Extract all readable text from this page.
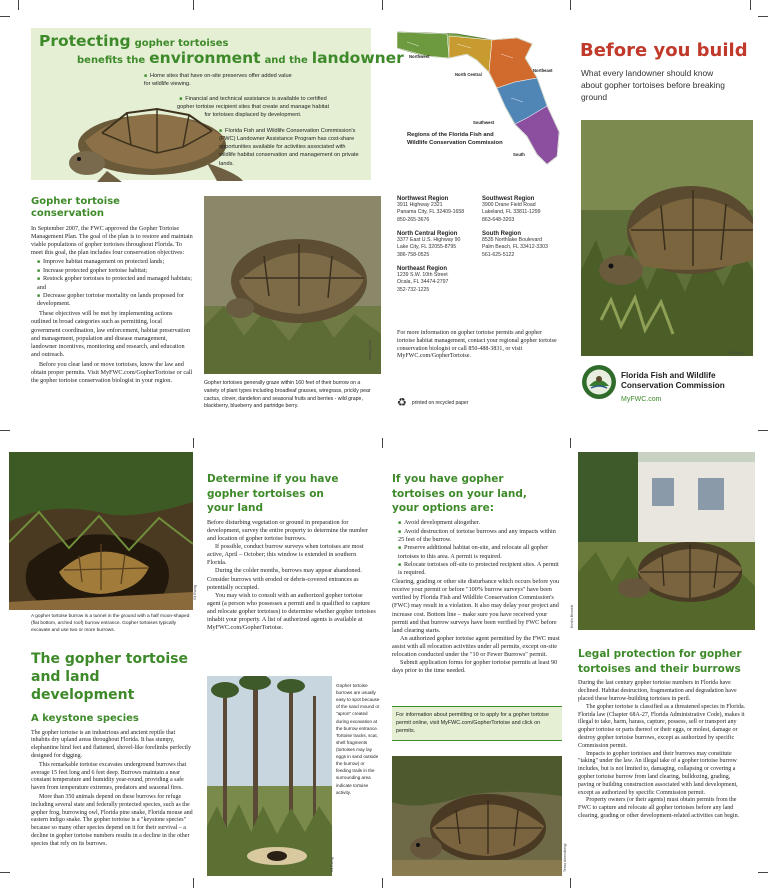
Protecting gopher tortoises
benefits the environment and the landowner
■ Home sites that have on-site preserves offer added value for wildlife viewing.
■ Financial and technical assistance is available to certified gopher tortoise recipient sites that create and manage habitat for tortoises displaced by development.
■ Florida Fish and Wildlife Conservation Commission's (FWC) Landowner Assistance Program has cost-share opportunities available for activities associated with wildlife habitat conservation and management on private lands.
Gopher tortoise conservation
In September 2007, the FWC approved the Gopher Tortoise Management Plan. The goal of the plan is to restore and maintain viable populations of gopher tortoises throughout Florida. To meet this goal, the plan includes four conservation objectives:
■ Improve habitat management on protected lands;
■ Increase protected gopher tortoise habitat;
■ Restock gopher tortoises to protected and managed habitats; and
■ Decrease gopher tortoise mortality on lands proposed for development.
These objectives will be met by implementing actions outlined in broad categories such as permitting, local government coordination, law enforcement, habitat preservation and management, population and disease management, landowner incentives, monitoring and research, and education and outreach.
Before you clear land or move tortoises, know the law and obtain proper permits. Visit MyFWC.com/GopherTortoise or call the gopher tortoise conservation biologist in your region.
Karen Parker
Gopher tortoises generally graze within 160 feet of their burrow on a variety of plant types including broadleaf grasses, wiregrass, prickly pear cactus, clover, dandelion and seasonal fruits and berries - wild grape, blackberry, blueberry and partridge berry.
Northwest
North Central
Northeast
Southwest
South
Regions of the Florida Fish and Wildlife Conservation Commission
Northwest Region
3911 Highway 2321
Panama City, FL 32409-1658
850-265-3676
Southwest Region
3900 Drane Field Road
Lakeland, FL 33811-1299
863-648-3203
North Central Region
3377 East U.S. Highway 90
Lake City, FL 32055-8795
386-758-0525
South Region
8535 Northlake Boulevard
Palm Beach, FL 33412-3303
561-625-5122
Northeast Region
1239 S.W. 10th Street
Ocala, FL 34474-2797
352-732-1225
For more information on gopher tortoise permits and gopher tortoise habitat management, contact your regional gopher tortoise conservation biologist or call 850-488-3831, or visit MyFWC.com/GopherTortoise.
♻ printed on recycled paper
Before you build
What every landowner should know about gopher tortoises before breaking ground
Gil Ewing
Florida Fish and Wildlife
Conservation Commission
MyFWC.com
Gil Ewing
A gopher tortoise burrow is a tunnel in the ground with a half moon-shaped (flat bottom, arched roof) burrow entrance. Gopher tortoises typically excavate and use two or more burrows.
The gopher tortoise and land development
A keystone species
The gopher tortoise is an industrious and ancient reptile that inhabits dry upland areas throughout Florida. It has stumpy, elephantine hind feet and flattened, shovel-like forelimbs perfectly designed for digging.
This remarkable tortoise excavates underground burrows that average 15 feet long and 6 feet deep. Burrows maintain a near constant temperature and humidity year-round, providing a safe haven from temperature extremes, predators and seasonal fires.
More than 350 animals depend on these burrows for refuge including several state and federally protected species, such as the gopher frog, burrowing owl, Florida pine snake, Florida mouse and eastern indigo snake. The gopher tortoise is a "keystone species" because so many other species depend on it for their survival – a decline in gopher tortoise numbers results in a decline in the other species that rely on its burrows.
Determine if you have gopher tortoises on your land
Before disturbing vegetation or ground in preparation for development, survey the entire property to determine the number and location of gopher tortoise burrows.
If possible, conduct burrow surveys when tortoises are most active, April – October; this window is extended in southern Florida.
During the colder months, burrows may appear abandoned. Consider burrows with eroded or debris-covered entrances as potentially occupied.
You may wish to consult with an authorized gopher tortoise agent (a person who possesses a permit and is qualified to capture and relocate gopher tortoises) to determine whether gopher tortoises inhabit your property. A list of authorized agents is available at MyFWC.com/GopherTortoise.
Gopher tortoise burrows are usually easy to spot because of the sand mound or "apron" created during excavation at the burrow entrance. Tortoise tracks, scat, shell fragments (tortoises may lay eggs in sand outside the burrow) or feeding trails in the surrounding area indicate tortoise activity.
Gil Ewing
If you have gopher tortoises on your land, your options are:
■ Avoid development altogether.
■ Avoid destruction of tortoise burrows and any impacts within 25 feet of the burrow.
■ Preserve additional habitat on-site, and relocate all gopher tortoises to this area. A permit is required.
■ Relocate tortoises off-site to protected recipient sites. A permit is required.
Clearing, grading or other site disturbance which occurs before you receive your permit or before "100% burrow surveys" have been verified by Florida Fish and Wildlife Conservation Commission's (FWC) may result in a violation. It also may delay your project and increase cost. Bottom line – make sure you have received your permit and that burrow surveys have been verified by FWC before land clearing starts.
An authorized gopher tortoise agent permitted by the FWC must assist with all relocation activities under all permits, except on-site relocation conducted under the "10 or Fewer Burrows" permit.
Submit application forms for gopher tortoise permits at least 90 days prior to the time needed.
For information about permitting or to apply for a gopher tortoise permit online, visit MyFWC.com/GopherTortoise and click on permits.
Tessa Ahmedbeigi
Kristin Bennett
Legal protection for gopher tortoises and their burrows
During the last century gopher tortoise numbers in Florida have declined. Habitat destruction, fragmentation and degradation have placed these burrow-building tortoises in peril.
The gopher tortoise is classified as a threatened species in Florida. Florida law (Chapter 68A-27, Florida Administrative Code), makes it illegal to take, harm, harass, capture, possess, sell or transport any gopher tortoise or parts thereof or their eggs, or molest, damage or destroy gopher tortoise burrows, except as authorized by specific Commission permit.
Impacts to gopher tortoises and their burrows may constitute "taking" under the law. An illegal take of a gopher tortoise burrow includes, but is not limited to, damaging, collapsing or covering a gopher tortoise burrow from land clearing, bulldozing, grading, paving or building construction associated with land development, except as authorized by specific Commission permit.
Property owners (or their agents) must obtain permits from the FWC to capture and relocate all gopher tortoises before any land clearing, grading or other development-related activities can begin.
